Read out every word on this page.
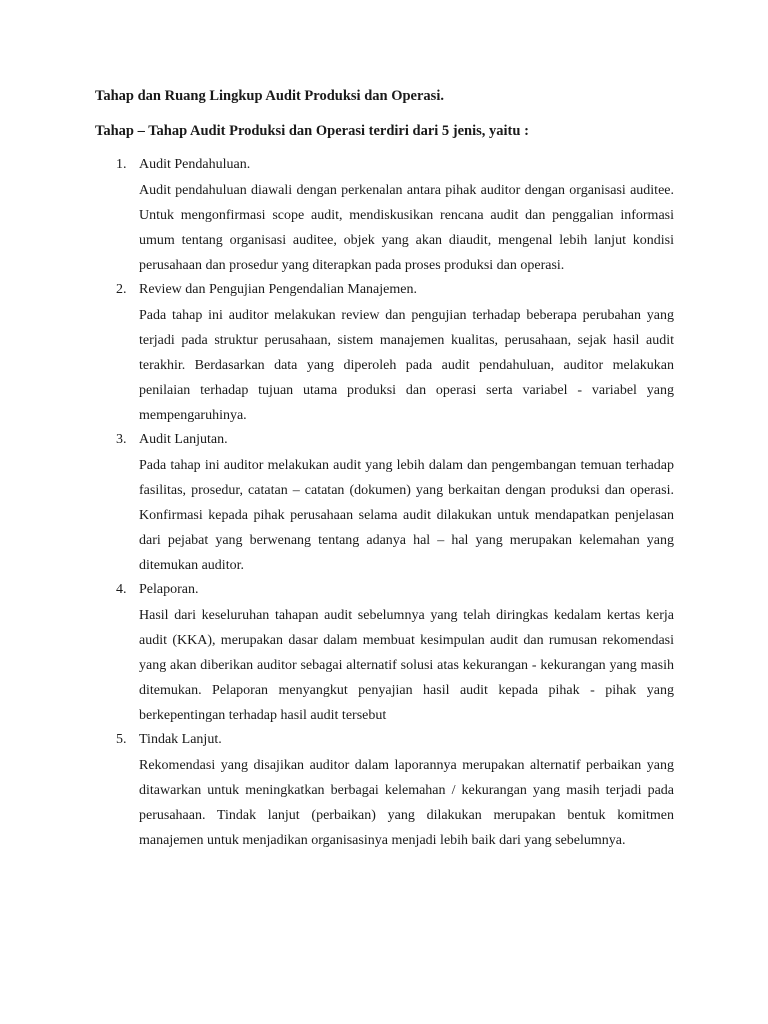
Tahap dan Ruang Lingkup Audit Produksi dan Operasi.
Tahap – Tahap Audit Produksi dan Operasi terdiri dari 5 jenis, yaitu :
1. Audit Pendahuluan.
Audit pendahuluan diawali dengan perkenalan antara pihak auditor dengan organisasi auditee. Untuk mengonfirmasi scope audit, mendiskusikan rencana audit dan penggalian informasi umum tentang organisasi auditee, objek yang akan diaudit, mengenal lebih lanjut kondisi perusahaan dan prosedur yang diterapkan pada proses produksi dan operasi.
2. Review dan Pengujian Pengendalian Manajemen.
Pada tahap ini auditor melakukan review dan pengujian terhadap beberapa perubahan yang terjadi pada struktur perusahaan, sistem manajemen kualitas, perusahaan, sejak hasil audit terakhir. Berdasarkan data yang diperoleh pada audit pendahuluan, auditor melakukan penilaian terhadap tujuan utama produksi dan operasi serta variabel - variabel yang mempengaruhinya.
3. Audit Lanjutan.
Pada tahap ini auditor melakukan audit yang lebih dalam dan pengembangan temuan terhadap fasilitas, prosedur, catatan – catatan (dokumen) yang berkaitan dengan produksi dan operasi. Konfirmasi kepada pihak perusahaan selama audit dilakukan untuk mendapatkan penjelasan dari pejabat yang berwenang tentang adanya hal – hal yang merupakan kelemahan yang ditemukan auditor.
4. Pelaporan.
Hasil dari keseluruhan tahapan audit sebelumnya yang telah diringkas kedalam kertas kerja audit (KKA), merupakan dasar dalam membuat kesimpulan audit dan rumusan rekomendasi yang akan diberikan auditor sebagai alternatif solusi atas kekurangan - kekurangan yang masih ditemukan. Pelaporan menyangkut penyajian hasil audit kepada pihak - pihak yang berkepentingan terhadap hasil audit tersebut
5. Tindak Lanjut.
Rekomendasi yang disajikan auditor dalam laporannya merupakan alternatif perbaikan yang ditawarkan untuk meningkatkan berbagai kelemahan / kekurangan yang masih terjadi pada perusahaan. Tindak lanjut (perbaikan) yang dilakukan merupakan bentuk komitmen manajemen untuk menjadikan organisasinya menjadi lebih baik dari yang sebelumnya.
